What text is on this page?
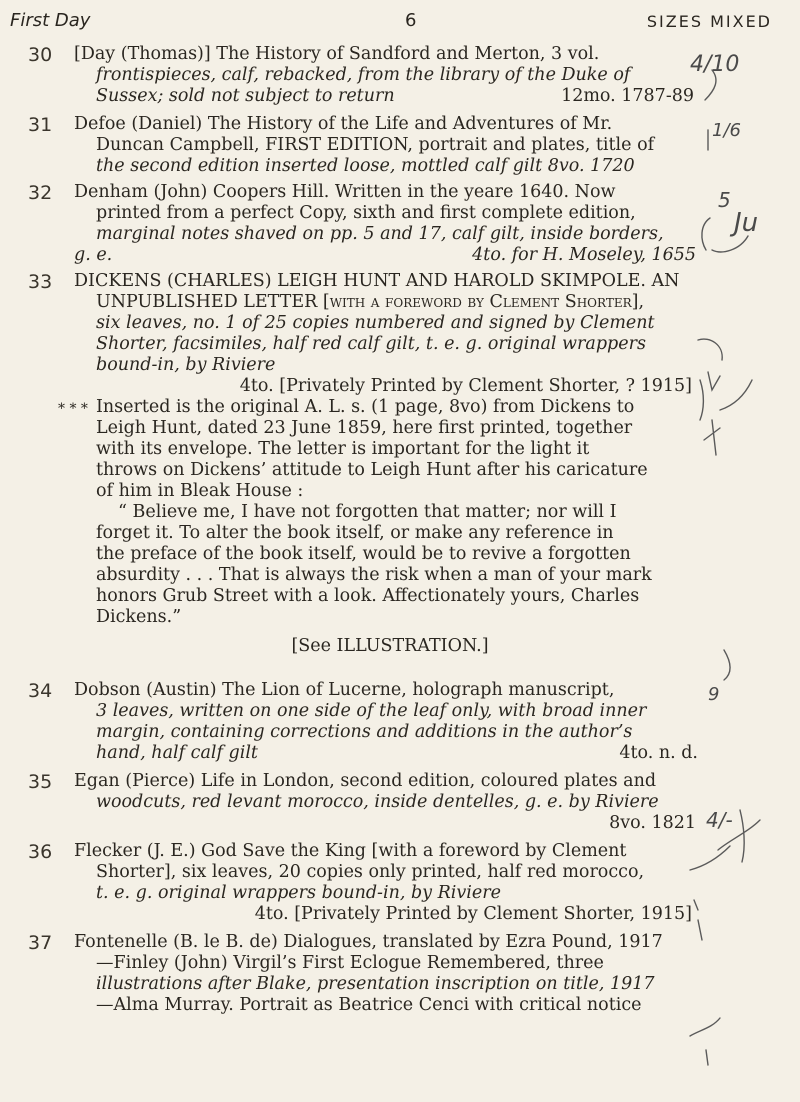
First Day	6	SIZES MIXED
30 [Day (Thomas)] The History of Sandford and Merton, 3 vol.

frontispieces, calf, rebacked, from the library of the Duke of

Sussex; sold not subject to return	12mo. 1787-89

31 Defoe (Daniel) The History of the Life and Adventures of Mr.

Duncan Campbell, FIRST EDITION, portrait and plates, title of

the second edition inserted loose, mottled calf gilt 8vo. 1720

32 Denham (John) Coopers Hill. Written in the yeare 1640. Now

printed from a perfect Copy, sixth and first complete edition,

marginal notes shaved on pp. 5 and 17, calf gilt, inside borders,

g. e.	4to. for H. Moseley, 1655

33 DICKENS (CHARLES) LEIGH HUNT AND HAROLD SKIMPOLE. AN

UNPUBLISHED LETTER [with a foreword by Clement Shorter],

six leaves, no. 1 of 25 copies numbered and signed by Clement

Shorter, facsimiles, half red calf gilt, t. e. g. original wrappers

bound-in, by Riviere

4to. [Privately Printed by Clement Shorter, ? 1915]

* * * Inserted is the original A. L. s. (1 page, 8vo) from Dickens to

Leigh Hunt, dated 23 June 1859, here first printed, together

with its envelope. The letter is important for the light it

throws on Dickens’ attitude to Leigh Hunt after his caricature

of him in Bleak House :

“ Believe me, I have not forgotten that matter; nor will I

forget it. To alter the book itself, or make any reference in

the preface of the book itself, would be to revive a forgotten

absurdity . . . That is always the risk when a man of your mark

honors Grub Street with a look. Affectionately yours, Charles

Dickens.”

[See ILLUSTRATION.]

34 Dobson (Austin) The Lion of Lucerne, holograph manuscript,

3 leaves, written on one side of the leaf only, with broad inner

margin, containing corrections and additions in the author’s

hand, half calf gilt	4to. n. d.

35 Egan (Pierce) Life in London, second edition, coloured plates and

woodcuts, red levant morocco, inside dentelles, g. e. by Riviere

8vo. 1821

36 Flecker (J. E.) God Save the King [with a foreword by Clement

Shorter], six leaves, 20 copies only printed, half red morocco,

t. e. g. original wrappers bound-in, by Riviere

4to. [Privately Printed by Clement Shorter, 1915]

37 Fontenelle (B. le B. de) Dialogues, translated by Ezra Pound, 1917

—Finley (John) Virgil’s First Eclogue Remembered, three

illustrations after Blake, presentation inscription on title, 1917

—Alma Murray. Portrait as Beatrice Cenci with critical notice

4/10
1/6
5
Ju
9
4/-
